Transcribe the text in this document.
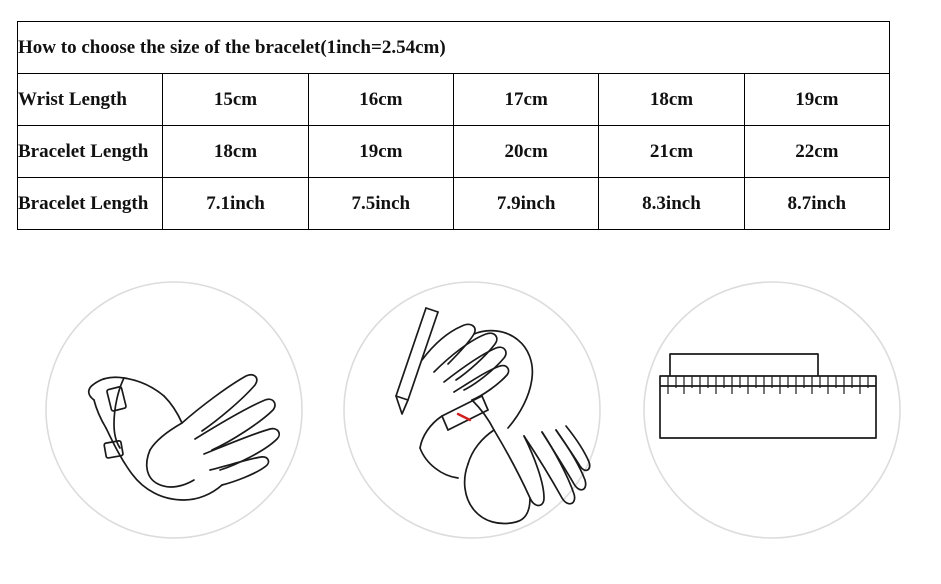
How to choose the size of the bracelet(1inch=2.54cm)					
Wrist Length	15cm	16cm	17cm	18cm	19cm
Bracelet Length	18cm	19cm	20cm	21cm	22cm
Bracelet Length	7.1inch	7.5inch	7.9inch	8.3inch	8.7inch
